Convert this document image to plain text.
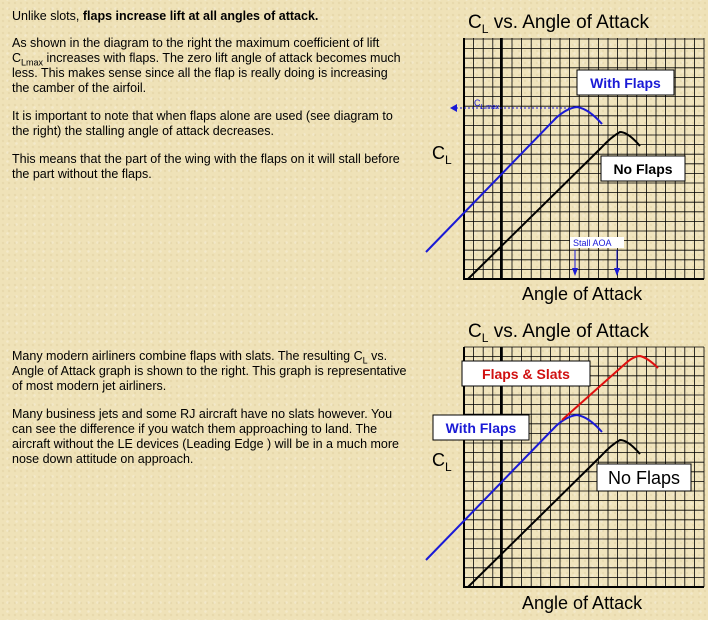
Unlike slots, flaps increase lift at all angles of attack.

As shown in the diagram to the right the maximum coefficient of lift $C_{Lmax}$ increases with flaps. The zero lift angle of attack becomes much less. This makes sense since all the flap is really doing is increasing the camber of the airfoil.

It is important to note that when flaps alone are used (see diagram to the right) the stalling angle of attack decreases.

This means that the part of the wing with the flaps on it will stall before the part without the flaps.

Many modern airliners combine flaps with slats. The resulting $C_L$ vs. Angle of Attack graph is shown to the right. This graph is representative of most modern jet airliners.

Many business jets and some RJ aircraft have no slats however. You can see the difference if you watch them approaching to land. The aircraft without the LE devices (Leading Edge ) will be in a much more nose down attitude on approach.

$C_L$ vs. Angle of Attack
$C_{L max}$
Stall AOA
With Flaps
No Flaps
$C_L$
Angle of Attack
$C_L$ vs. Angle of Attack
Flaps & Slats
With Flaps
No Flaps
$C_L$
Angle of Attack
